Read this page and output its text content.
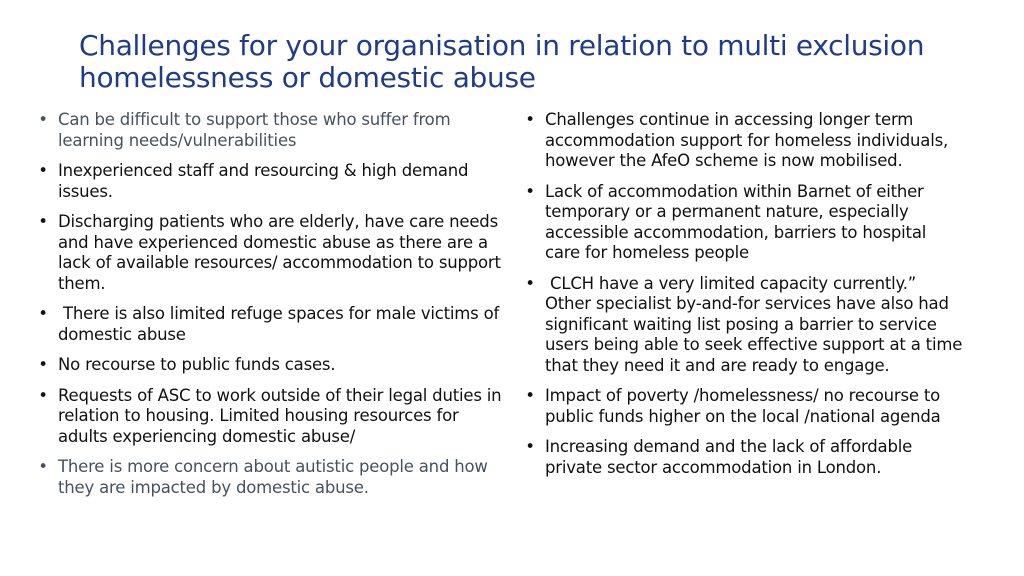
Challenges for your organisation in relation to multi exclusion homelessness or domestic abuse
• Can be difficult to support those who suffer from learning needs/vulnerabilities
• Inexperienced staff and resourcing & high demand issues.
• Discharging patients who are elderly, have care needs and have experienced domestic abuse as there are a lack of available resources/ accommodation to support them.
• There is also limited refuge spaces for male victims of domestic abuse
• No recourse to public funds cases.
• Requests of ASC to work outside of their legal duties in relation to housing. Limited housing resources for adults experiencing domestic abuse/
• There is more concern about autistic people and how they are impacted by domestic abuse.
• Challenges continue in accessing longer term accommodation support for homeless individuals, however the AfeO scheme is now mobilised.
• Lack of accommodation within Barnet of either temporary or a permanent nature, especially accessible accommodation, barriers to hospital care for homeless people
• CLCH have a very limited capacity currently.” Other specialist by-and-for services have also had significant waiting list posing a barrier to service users being able to seek effective support at a time that they need it and are ready to engage.
• Impact of poverty /homelessness/ no recourse to public funds higher on the local /national agenda
• Increasing demand and the lack of affordable private sector accommodation in London.
